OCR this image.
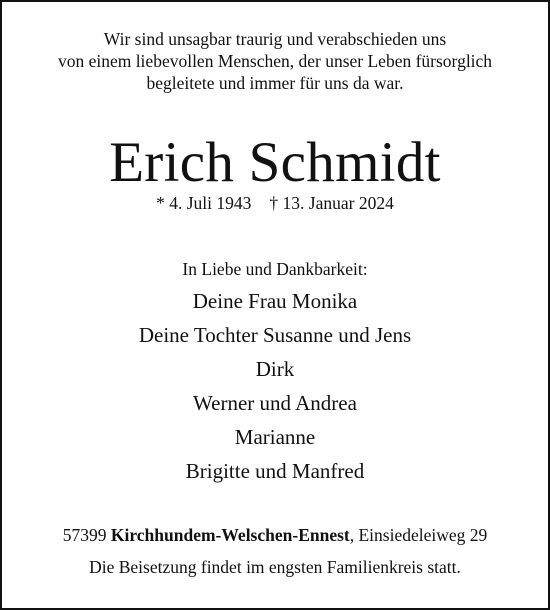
Wir sind unsagbar traurig und verabschieden uns
von einem liebevollen Menschen, der unser Leben fürsorglich
begleitete und immer für uns da war.
Erich Schmidt
* 4. Juli 1943 † 13. Januar 2024
In Liebe und Dankbarkeit:
Deine Frau Monika
Deine Tochter Susanne und Jens
Dirk
Werner und Andrea
Marianne
Brigitte und Manfred
57399 Kirchhundem-Welschen-Ennest, Einsiedeleiweg 29
Die Beisetzung findet im engsten Familienkreis statt.
